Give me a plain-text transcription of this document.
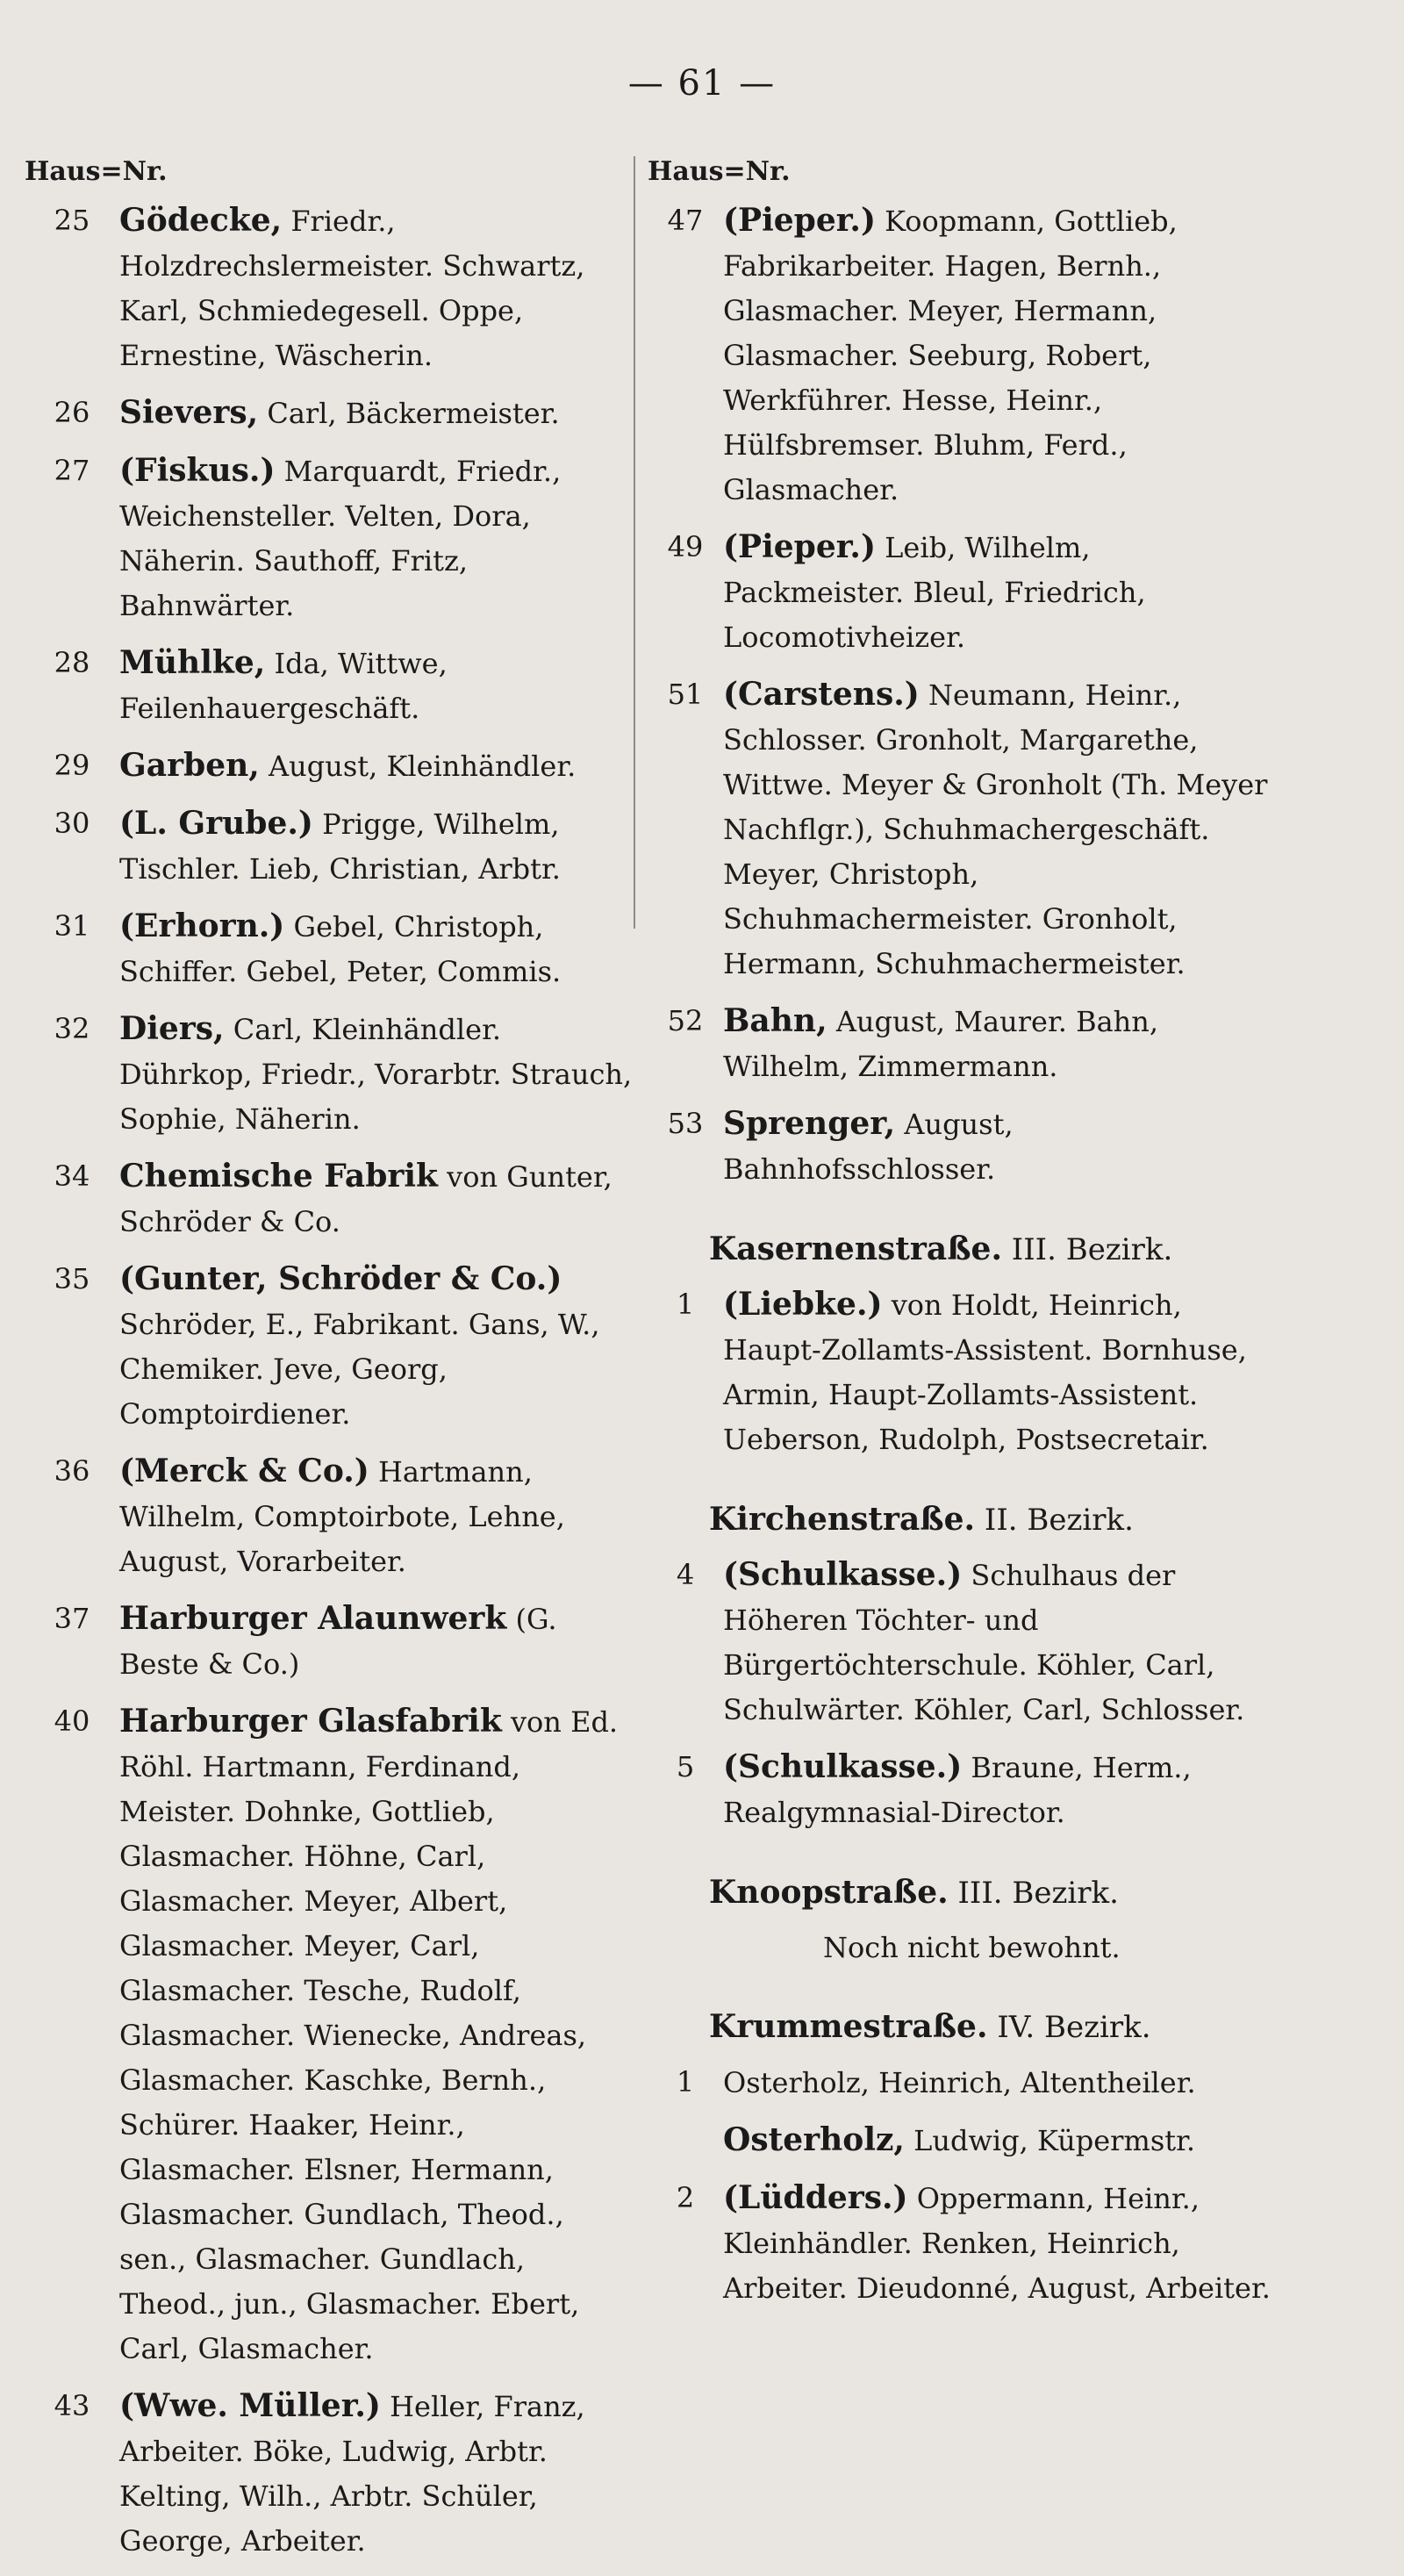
— 61 —
Haus=Nr.
25 Gödecke, Friedr., Holzdrechslermeister. Schwartz, Karl, Schmiedegesell. Oppe, Ernestine, Wäscherin.
26 Sievers, Carl, Bäckermeister.
27 (Fiskus.) Marquardt, Friedr., Weichensteller. Velten, Dora, Näherin. Sauthoff, Fritz, Bahnwärter.
28 Mühlke, Ida, Wittwe, Feilenhauergeschäft.
29 Garben, August, Kleinhändler.
30 (L. Grube.) Prigge, Wilhelm, Tischler. Lieb, Christian, Arbtr.
31 (Erhorn.) Gebel, Christoph, Schiffer. Gebel, Peter, Commis.
32 Diers, Carl, Kleinhändler. Dührkop, Friedr., Vorarbtr. Strauch, Sophie, Näherin.
34 Chemische Fabrik von Gunter, Schröder & Co.
35 (Gunter, Schröder & Co.) Schröder, E., Fabrikant. Gans, W., Chemiker. Jeve, Georg, Comptoirdiener.
36 (Merck & Co.) Hartmann, Wilhelm, Comptoirbote, Lehne, August, Vorarbeiter.
37 Harburger Alaunwerk (G. Beste & Co.)
40 Harburger Glasfabrik von Ed. Röhl. Hartmann, Ferdinand, Meister. Dohnke, Gottlieb, Glasmacher. Höhne, Carl, Glasmacher. Meyer, Albert, Glasmacher. Meyer, Carl, Glasmacher. Tesche, Rudolf, Glasmacher. Wienecke, Andreas, Glasmacher. Kaschke, Bernh., Schürer. Haaker, Heinr., Glasmacher. Elsner, Hermann, Glasmacher. Gundlach, Theod., sen., Glasmacher. Gundlach, Theod., jun., Glasmacher. Ebert, Carl, Glasmacher.
43 (Wwe. Müller.) Heller, Franz, Arbeiter. Böke, Ludwig, Arbtr. Kelting, Wilh., Arbtr. Schüler, George, Arbeiter.
Haus=Nr.
47 (Pieper.) Koopmann, Gottlieb, Fabrikarbeiter. Hagen, Bernh., Glasmacher. Meyer, Hermann, Glasmacher. Seeburg, Robert, Werkführer. Hesse, Heinr., Hülfsbremser. Bluhm, Ferd., Glasmacher.
49 (Pieper.) Leib, Wilhelm, Packmeister. Bleul, Friedrich, Locomotivheizer.
51 (Carstens.) Neumann, Heinr., Schlosser. Gronholt, Margarethe, Wittwe. Meyer & Gronholt (Th. Meyer Nachflgr.), Schuhmachergeschäft. Meyer, Christoph, Schuhmachermeister. Gronholt, Hermann, Schuhmachermeister.
52 Bahn, August, Maurer. Bahn, Wilhelm, Zimmermann.
53 Sprenger, August, Bahnhofsschlosser.
Kasernenstraße. III. Bezirk.
1 (Liebke.) von Holdt, Heinrich, Haupt-Zollamts-Assistent. Bornhuse, Armin, Haupt-Zollamts-Assistent. Ueberson, Rudolph, Postsecretair.
Kirchenstraße. II. Bezirk.
4 (Schulkasse.) Schulhaus der Höheren Töchter- und Bürgertöchterschule. Köhler, Carl, Schulwärter. Köhler, Carl, Schlosser.
5 (Schulkasse.) Braune, Herm., Realgymnasial-Director.
Knoopstraße. III. Bezirk.
Noch nicht bewohnt.
Krummestraße. IV. Bezirk.
1	Osterholz, Heinrich, Altentheiler.
Osterholz, Ludwig, Küpermstr.
2 (Lüdders.) Oppermann, Heinr., Kleinhändler. Renken, Heinrich, Arbeiter. Dieudonné, August, Arbeiter.
